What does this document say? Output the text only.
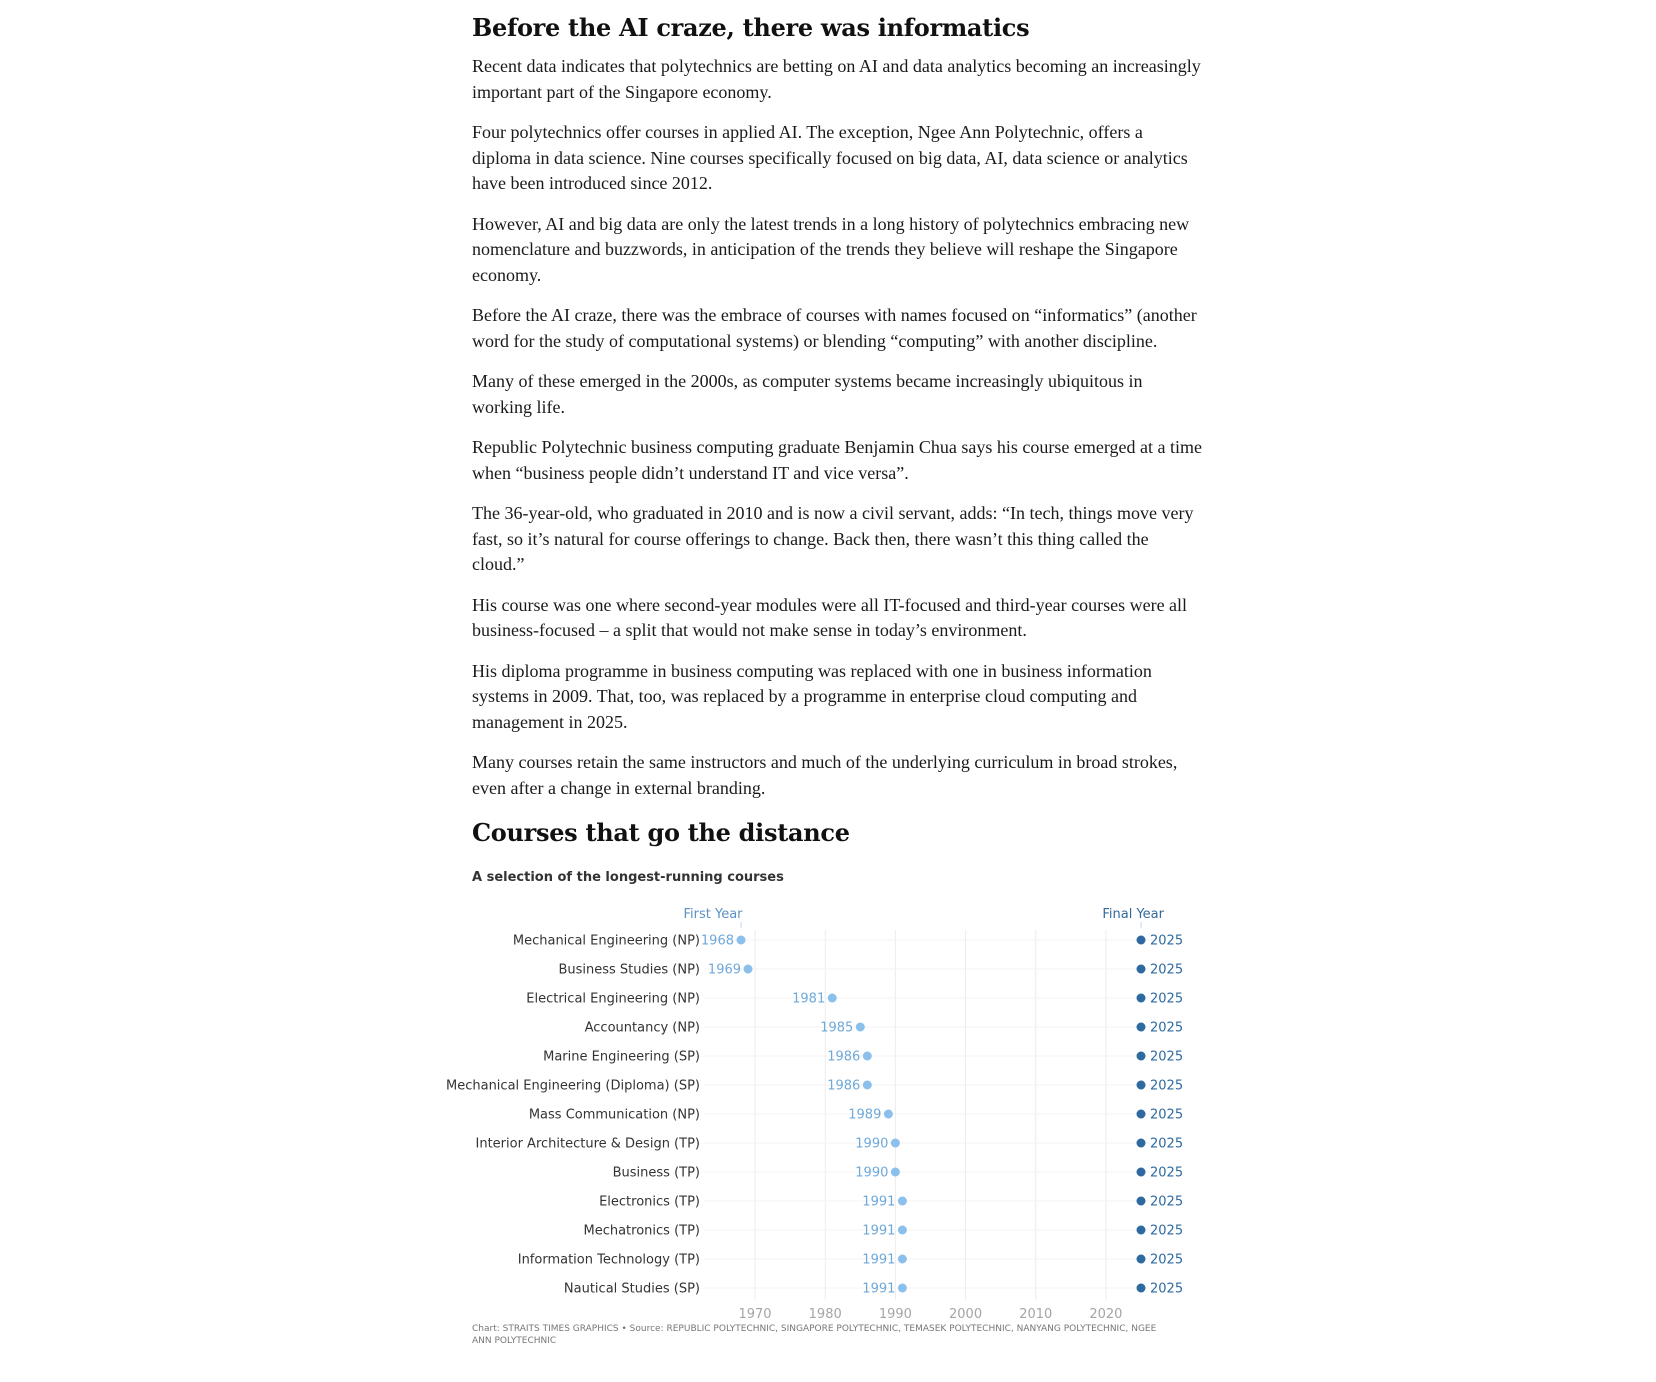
Before the AI craze, there was informatics

Recent data indicates that polytechnics are betting on AI and data analytics becoming an increasingly important part of the Singapore economy.

Four polytechnics offer courses in applied AI. The exception, Ngee Ann Polytechnic, offers a diploma in data science. Nine courses specifically focused on big data, AI, data science or analytics have been introduced since 2012.

However, AI and big data are only the latest trends in a long history of polytechnics embracing new nomenclature and buzzwords, in anticipation of the trends they believe will reshape the Singapore economy.

Before the AI craze, there was the embrace of courses with names focused on “informatics” (another word for the study of computational systems) or blending “computing” with another discipline.

Many of these emerged in the 2000s, as computer systems became increasingly ubiquitous in working life.

Republic Polytechnic business computing graduate Benjamin Chua says his course emerged at a time when “business people didn’t understand IT and vice versa”.

The 36-year-old, who graduated in 2010 and is now a civil servant, adds: “In tech, things move very fast, so it’s natural for course offerings to change. Back then, there wasn’t this thing called the cloud.”

His course was one where second-year modules were all IT-focused and third-year courses were all business-focused – a split that would not make sense in today’s environment.

His diploma programme in business computing was replaced with one in business information systems in 2009. That, too, was replaced by a programme in enterprise cloud computing and management in 2025.

Many courses retain the same instructors and much of the underlying curriculum in broad strokes, even after a change in external branding.

Courses that go the distance

A selection of the longest-running courses

First Year	Final Year
Mechanical Engineering (NP) 1968	2025
Business Studies (NP) 1969	2025
Electrical Engineering (NP)	1981	2025
Accountancy (NP)	1985	2025
Marine Engineering (SP)	1986	2025
Mechanical Engineering (Diploma) (SP)	1986	2025
Mass Communication (NP)	1989	2025
Interior Architecture & Design (TP)	1990	2025
Business (TP)	1990	2025
Electronics (TP)	1991	2025
Mechatronics (TP)	1991	2025
Information Technology (TP)	1991	2025
Nautical Studies (SP)	1991	2025
1970	1980	1990	2000	2010	2020

Chart: STRAITS TIMES GRAPHICS • Source: REPUBLIC POLYTECHNIC, SINGAPORE POLYTECHNIC, TEMASEK POLYTECHNIC, NANYANG POLYTECHNIC, NGEE ANN POLYTECHNIC
